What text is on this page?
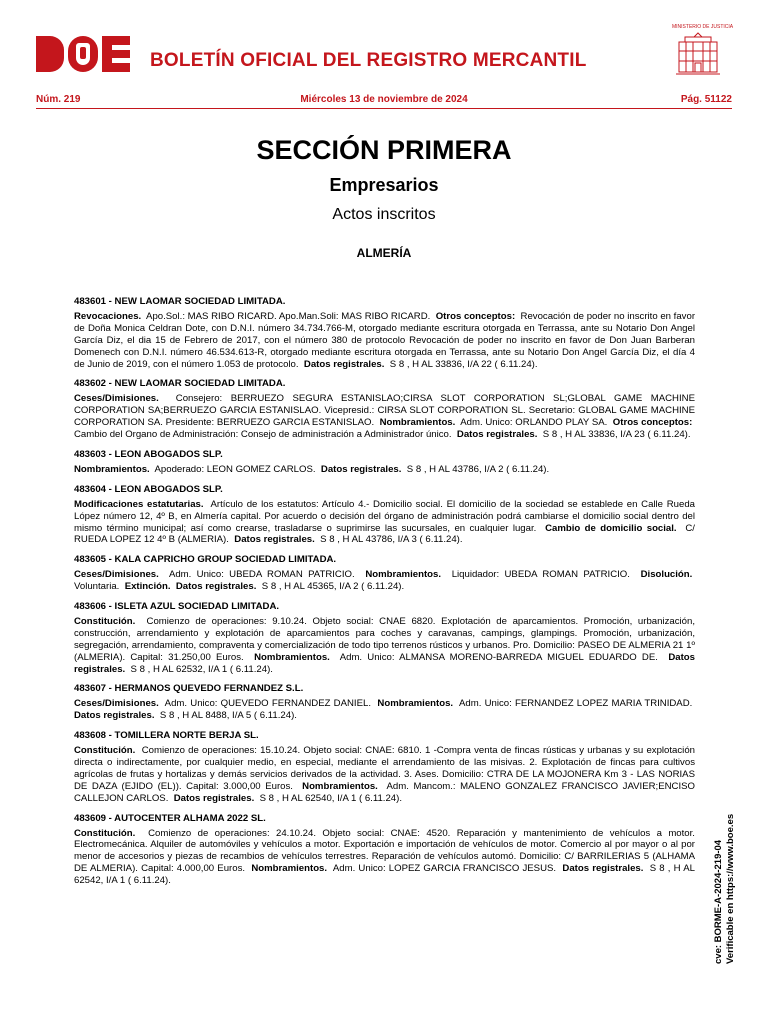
BOLETÍN OFICIAL DEL REGISTRO MERCANTIL
MINISTERIO DE JUSTICIA
Núm. 219	Miércoles 13 de noviembre de 2024	Pág. 51122
SECCIÓN PRIMERA
Empresarios
Actos inscritos
ALMERÍA
483601 - NEW LAOMAR SOCIEDAD LIMITADA.
Revocaciones. Apo.Sol.: MAS RIBO RICARD. Apo.Man.Soli: MAS RIBO RICARD. Otros conceptos: Revocación de poder no inscrito en favor de Doña Monica Celdran Dote, con D.N.I. número 34.734.766-M, otorgado mediante escritura otorgada en Terrassa, ante su Notario Don Angel García Diz, el dia 15 de Febrero de 2017, con el número 380 de protocolo Revocación de poder no inscrito en favor de Don Juan Barberan Domenech con D.N.I. número 46.534.613-R, otorgado mediante escritura otorgada en Terrassa, ante su Notario Don Angel García Diz, el día 4 de Junio de 2019, con el número 1.053 de protocolo. Datos registrales. S 8 , H AL 33836, I/A 22 ( 6.11.24).
483602 - NEW LAOMAR SOCIEDAD LIMITADA.
Ceses/Dimisiones. Consejero: BERRUEZO SEGURA ESTANISLAO;CIRSA SLOT CORPORATION SL;GLOBAL GAME MACHINE CORPORATION SA;BERRUEZO GARCIA ESTANISLAO. Vicepresid.: CIRSA SLOT CORPORATION SL. Secretario: GLOBAL GAME MACHINE CORPORATION SA. Presidente: BERRUEZO GARCIA ESTANISLAO. Nombramientos. Adm. Unico: ORLANDO PLAY SA. Otros conceptos:  Cambio del Organo de Administración: Consejo de administración a Administrador único. Datos registrales. S 8 , H AL 33836, I/A 23 ( 6.11.24).
483603 - LEON ABOGADOS SLP.
Nombramientos. Apoderado: LEON GOMEZ CARLOS. Datos registrales. S 8 , H AL 43786, I/A 2 ( 6.11.24).
483604 - LEON ABOGADOS SLP.
Modificaciones estatutarias. Artículo de los estatutos: Artículo 4.- Domicilio social. El domicilio de la sociedad se establede en Calle Rueda López número 12, 4º B, en Almería capital. Por acuerdo o decisión del órgano de administración podrá cambiarse el domicilio social dentro del mismo término municipal; así como crearse, trasladarse o suprimirse las sucursales, en cualquier lugar. Cambio de domicilio social. C/ RUEDA LOPEZ 12 4º B (ALMERIA). Datos registrales. S 8 , H AL 43786, I/A 3 ( 6.11.24).
483605 - KALA CAPRICHO GROUP SOCIEDAD LIMITADA.
Ceses/Dimisiones. Adm. Unico: UBEDA ROMAN PATRICIO. Nombramientos. Liquidador: UBEDA ROMAN PATRICIO. Disolución.  Voluntaria. Extinción. Datos registrales. S 8 , H AL 45365, I/A 2 ( 6.11.24).
483606 - ISLETA AZUL SOCIEDAD LIMITADA.
Constitución. Comienzo de operaciones: 9.10.24. Objeto social: CNAE 6820. Explotación de aparcamientos. Promoción, urbanización, construcción, arrendamiento y explotación de aparcamientos para coches y caravanas, campings, glampings. Promoción, urbanización, segregación, arrendamiento, compraventa y comercialización de todo tipo terrenos rústicos y urbanos. Pro. Domicilio: PASEO DE ALMERIA 21 1º (ALMERIA). Capital: 31.250,00 Euros. Nombramientos. Adm. Unico: ALMANSA MORENO-BARREDA MIGUEL EDUARDO DE. Datos registrales. S 8 , H AL 62532, I/A 1 ( 6.11.24).
483607 - HERMANOS QUEVEDO FERNANDEZ S.L.
Ceses/Dimisiones. Adm. Unico: QUEVEDO FERNANDEZ DANIEL. Nombramientos. Adm. Unico: FERNANDEZ LOPEZ MARIA TRINIDAD.  Datos registrales. S 8 , H AL 8488, I/A 5 ( 6.11.24).
483608 - TOMILLERA NORTE BERJA SL.
Constitución. Comienzo de operaciones: 15.10.24. Objeto social: CNAE: 6810. 1 -Compra venta de fincas rústicas y urbanas y su explotación directa o indirectamente, por cualquier medio, en especial, mediante el arrendamiento de las misivas. 2. Explotación de fincas para cultivos agrícolas de frutas y hortalizas y demás servicios derivados de la actividad. 3. Ases. Domicilio: CTRA DE LA MOJONERA Km 3 - LAS NORIAS DE DAZA (EJIDO (EL)). Capital: 3.000,00 Euros. Nombramientos. Adm. Mancom.: MALENO GONZALEZ FRANCISCO JAVIER;ENCISO CALLEJON CARLOS. Datos registrales. S 8 , H AL 62540, I/A 1 ( 6.11.24).
483609 - AUTOCENTER ALHAMA 2022 SL.
Constitución. Comienzo de operaciones: 24.10.24. Objeto social: CNAE: 4520. Reparación y mantenimiento de vehículos a motor. Electromecánica. Alquiler de automóviles y vehículos a motor. Exportación e importación de vehículos de motor. Comercio al por mayor o al por menor de accesorios y piezas de recambios de vehículos terrestres. Reparación de vehículos automó. Domicilio: C/ BARRILERIAS 5 (ALHAMA DE ALMERIA). Capital: 4.000,00 Euros. Nombramientos. Adm. Unico: LOPEZ GARCIA FRANCISCO JESUS. Datos registrales. S 8 , H AL 62542, I/A 1 ( 6.11.24).	cve: BORME-A-2024-219-04 Verificable en https://www.boe.es
